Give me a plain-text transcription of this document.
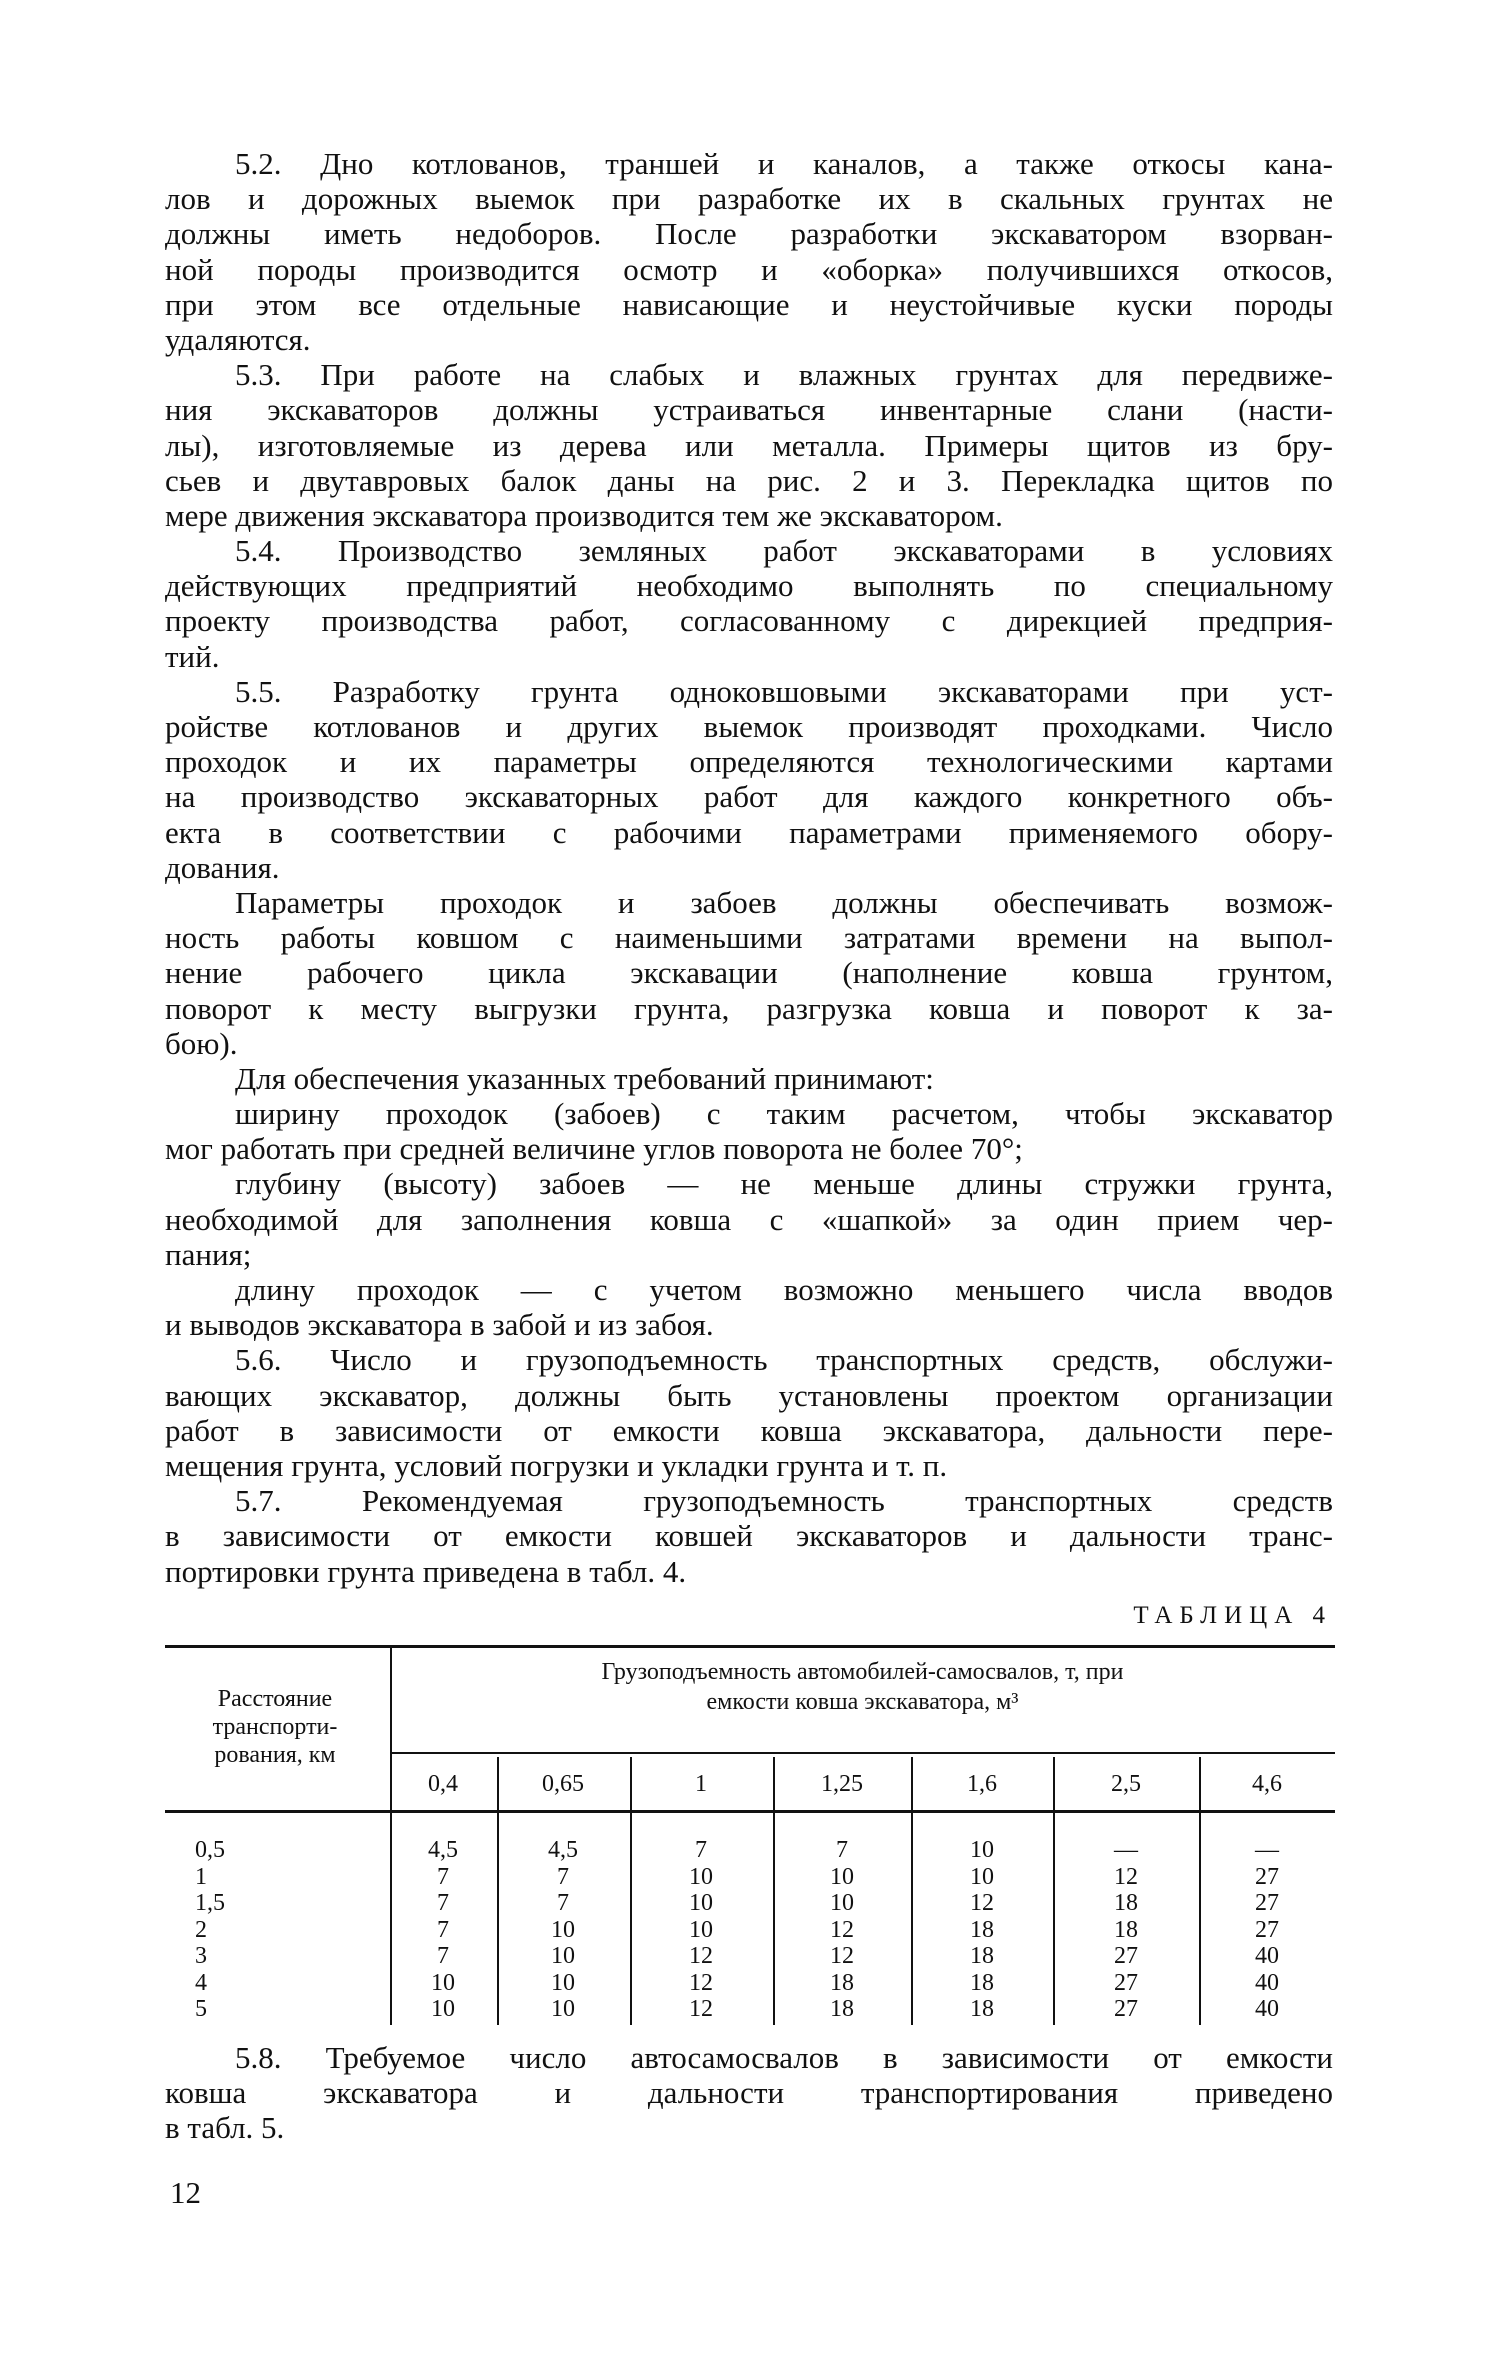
5.2. Дно котлованов, траншей и каналов, а также откосы кана-
лов и дорожных выемок при разработке их в скальных грунтах не
должны иметь недоборов. После разработки экскаватором взорван-
ной породы производится осмотр и «оборка» получившихся откосов,
при этом все отдельные нависающие и неустойчивые куски породы
удаляются.
5.3. При работе на слабых и влажных грунтах для передвиже-
ния экскаваторов должны устраиваться инвентарные слани (насти-
лы), изготовляемые из дерева или металла. Примеры щитов из бру-
сьев и двутавровых балок даны на рис. 2 и 3. Перекладка щитов по
мере движения экскаватора производится тем же экскаватором.
5.4. Производство земляных работ экскаваторами в условиях
действующих предприятий необходимо выполнять по специальному
проекту производства работ, согласованному с дирекцией предприя-
тий.
5.5. Разработку грунта одноковшовыми экскаваторами при уст-
ройстве котлованов и других выемок производят проходками. Число
проходок и их параметры определяются технологическими картами
на производство экскаваторных работ для каждого конкретного объ-
екта в соответствии с рабочими параметрами применяемого обору-
дования.
Параметры проходок и забоев должны обеспечивать возмож-
ность работы ковшом с наименьшими затратами времени на выпол-
нение рабочего цикла экскавации (наполнение ковша грунтом,
поворот к месту выгрузки грунта, разгрузка ковша и поворот к за-
бою).
Для обеспечения указанных требований принимают:
ширину проходок (забоев) с таким расчетом, чтобы экскаватор
мог работать при средней величине углов поворота не более 70°;
глубину (высоту) забоев — не меньше длины стружки грунта,
необходимой для заполнения ковша с «шапкой» за один прием чер-
пания;
длину проходок — с учетом возможно меньшего числа вводов
и выводов экскаватора в забой и из забоя.
5.6. Число и грузоподъемность транспортных средств, обслужи-
вающих экскаватор, должны быть установлены проектом организации
работ в зависимости от емкости ковша экскаватора, дальности пере-
мещения грунта, условий погрузки и укладки грунта и т. п.
5.7. Рекомендуемая грузоподъемность транспортных средств
в зависимости от емкости ковшей экскаваторов и дальности транс-
портировки грунта приведена в табл. 4.
ТАБЛИЦА 4
Расстояние
транспорти-
рования, км
Грузоподъемность автомобилей-самосвалов, т, при
емкости ковша экскаватора, м³
0,4	0,65	1	1,25	1,6	2,5	4,6
0,5	4,5	4,5	7	7	10	—	—
1	7	7	10	10	10	12	27
1,5	7	7	10	10	12	18	27
2	7	10	10	12	18	18	27
3	7	10	12	12	18	27	40
4	10	10	12	18	18	27	40
5	10	10	12	18	18	27	40
5.8. Требуемое число автосамосвалов в зависимости от емкости
ковша экскаватора и дальности транспортирования приведено
в табл. 5.
12
